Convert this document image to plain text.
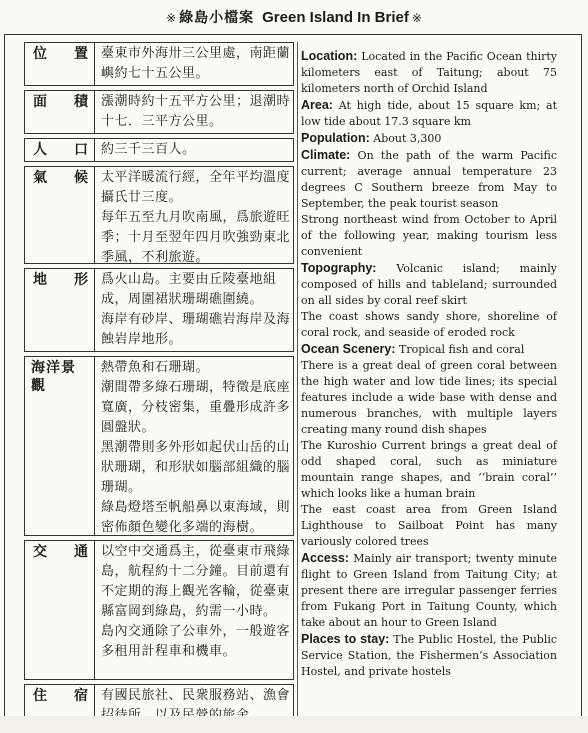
※ 綠島小檔案 Green Island In Brief ※
位 置 臺東市外海卅三公里處，南距蘭嶼約七十五公里。

面 積 漲潮時約十五平方公里；退潮時十七．三平方公里。

人 口 約三千三百人。

氣 候 太平洋暖流行經，全年平均溫度攝氏廿三度。

每年五至九月吹南風，爲旅遊旺季；十月至翌年四月吹強勁東北季風，不利旅遊。

地 形 爲火山島。主要由丘陵臺地組成，周圍裙狀珊瑚礁圍繞。

海岸有砂岸、珊瑚礁岩海岸及海蝕岩岸地形。

海洋景觀

熱帶魚和石珊瑚。

潮間帶多綠石珊瑚，特徵是底座寬廣，分枝密集，重疊形成許多圓盤狀。

黑潮帶則多外形如起伏山岳的山狀珊瑚，和形狀如腦部組織的腦珊瑚。

綠島燈塔至帆船鼻以東海域，則密佈顏色變化多端的海樹。

交 通 以空中交通爲主，從臺東市飛綠島，航程約十二分鐘。目前還有不定期的海上觀光客輪，從臺東縣富岡到綠島，約需一小時。

島內交通除了公車外，一般遊客多租用計程車和機車。

住 宿 有國民旅社、民衆服務站、漁會

Location: Located in the Pacific Ocean thirty kilometers east of Taitung; about 75 kilometers north of Orchid Island

Area: At high tide, about 15 square km; at low tide about 17.3 square km

Population: About 3,300

Climate: On the path of the warm Pacific current; average annual temperature 23 degrees C Southern breeze from May to September, the peak tourist season

Strong northeast wind from October to April of the following year, making tourism less convenient

Topography: Volcanic island; mainly composed of hills and tableland; surrounded on all sides by coral reef skirt

The coast shows sandy shore, shoreline of coral rock, and seaside of eroded rock

Ocean Scenery: Tropical fish and coral

There is a great deal of green coral between the high water and low tide lines; its special features include a wide base with dense and numerous branches, with multiple layers creating many round dish shapes

The Kuroshio Current brings a great deal of odd shaped coral, such as miniature mountain range shapes, and ‘‘brain coral’’ which looks like a human brain

The east coast area from Green Island Lighthouse to Sailboat Point has many variously colored trees

Access: Mainly air transport; twenty minute flight to Green Island from Taitung City; at present there are irregular passenger ferries from Fukang Port in Taitung County, which take about an hour to Green Island

Places to stay: The Public Hostel, the Public Service Station, the Fishermen’s Association Hostel, and private hostels
